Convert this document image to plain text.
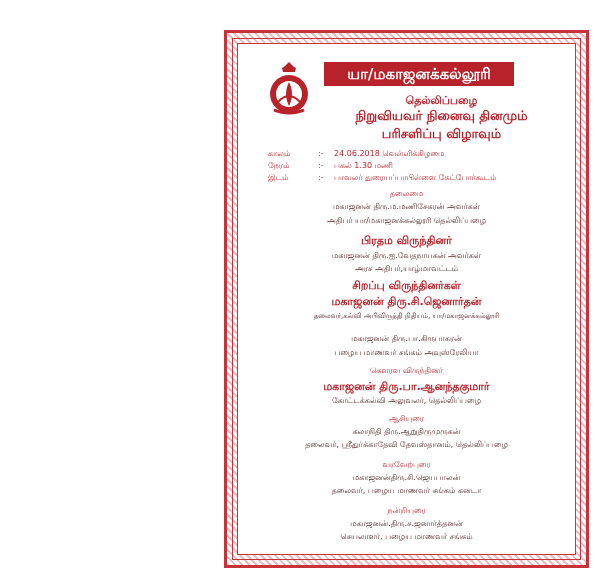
யா/மகாஜனக்கல்லூரி
தெல்லிப்பழை
நிறுவியவர் நினைவு தினமும்
பரிசளிப்பு விழாவும்
காலம்	:- 24.06.2018 வெள்ளிக்கிழமை
நேரம்	:- பகல் 1.30 மணி
இடம்	:- பாவலர் துரையப்பாபிள்ளை கேட்போர்கூடம்
தலைமை
மகாஜனன் திரு.ம.மணிசேகரன் அவர்கள்
அதிபர் யா/மகாஜனக்கல்லூரி தெல்லிப்பழை
பிரதம விருந்தினர்
மகாஜனன் திரு.ஐ.வேதநாயகன் அவர்கள்
அரச அதிபர்,யாழ்மாவட்டம்
சிறப்பு விருந்தினர்கள்
மகாஜனன் திரு.சி.ஜெனார்தன்
தலைவர்,கல்வி அபிவிருத்தி நிதியம், யா/மகாஜனக்கல்லூரி
மகாஜனன் திரு.பா.கிருபாகரன்
பழைய மாணவர் சங்கம் அவுஸ்ரேலியா
கௌரவ விருந்தினர்
மகாஜனன் திரு.பா.ஆனந்தகுமார்
கோட்டக்கல்வி அலுவலர், தெல்லிப்பழை
ஆசியுரை
கலாநிதி திரு.ஆறுதிருமுருகன்
தலைவர், ஸ்ரீதுர்க்காதேவி தேவஸ்தானம், தெல்லிப்பழை
வரவேற்புரை
மகாஜனன்திரு.சி.ஜெயபாலன்
தலைவர், பழைய மாணவர் சங்கம் கனடா
நன்றியுரை
மகாஜனன்.திரு.ச.ஜனார்த்தனன்
செயலாளர், பழைய மாணவர் சங்கம்
